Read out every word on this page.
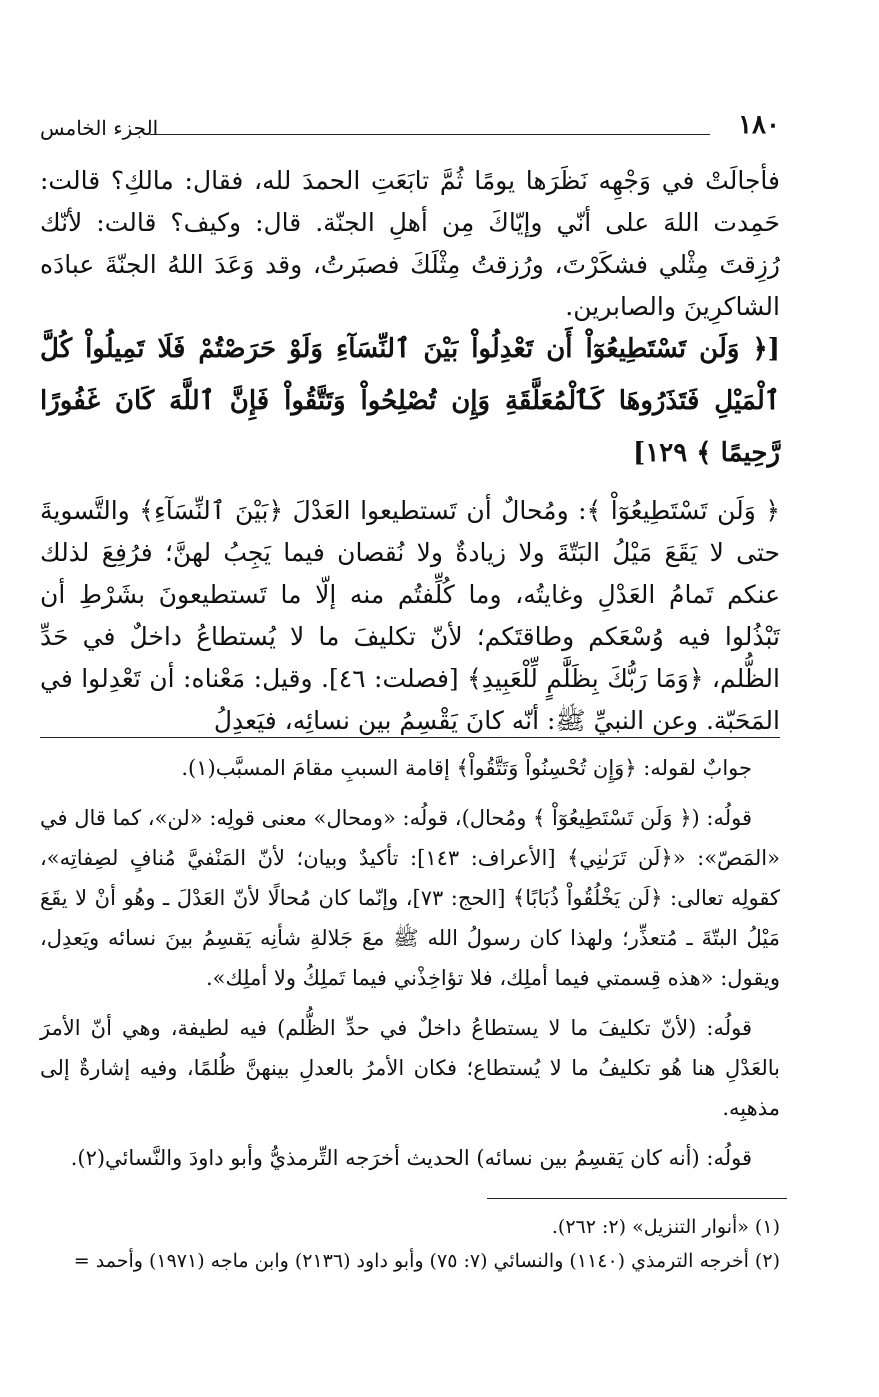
١٨٠
الجزء الخامس

فأجالَتْ في وَجْهِه نَظَرَها يومًا ثُمَّ تابَعَتِ الحمدَ لله، فقال: مالكِ؟ قالت: حَمِدت اللهَ على أنّي وإيّاكَ مِن أهلِ الجنّة. قال: وكيف؟ قالت: لأنّك رُزِقتَ مِثْلي فشكَرْتَ، ورُزقتُ مِثْلَكَ فصبَرتُ، وقد وَعَدَ اللهُ الجنّةَ عبادَه الشاكرِينَ والصابرين.

[﴿ وَلَن تَسْتَطِيعُوٓاْ أَن تَعْدِلُواْ بَيْنَ ٱلنِّسَآءِ وَلَوْ حَرَصْتُمْ فَلَا تَمِيلُواْ كُلَّ ٱلْمَيْلِ فَتَذَرُوهَا كَٱلْمُعَلَّقَةِ وَإِن تُصْلِحُواْ وَتَتَّقُواْ فَإِنَّ ٱللَّهَ كَانَ غَفُورًا رَّحِيمًا ﴾ ١٢٩]

﴿ وَلَن تَسْتَطِيعُوٓاْ ﴾: ومُحالٌ أن تَستطيعوا العَدْلَ ﴿بَيْنَ ٱلنِّسَآءِ﴾ والتَّسويةَ حتى لا يَقَعَ مَيْلُ البَتّةَ ولا زيادةٌ ولا نُقصان فيما يَجِبُ لهنَّ؛ فرُفِعَ لذلك عنكم تَمامُ العَدْلِ وغايتُه، وما كُلِّفتُم منه إلّا ما تَستطيعونَ بشَرْطِ أن تَبْذُلوا فيه وُسْعَكم وطاقتَكم؛ لأنّ تكليفَ ما لا يُستطاعُ داخلٌ في حَدِّ الظُّلم، ﴿وَمَا رَبُّكَ بِظَلَّٰمٍ لِّلْعَبِيدِ﴾ [فصلت: ٤٦]. وقيل: مَعْناه: أن تَعْدِلوا في المَحَبّة. وعن النبيِّ ﷺ: أنّه كانَ يَقْسِمُ بين نسائِه، فيَعدِلُ

جوابٌ لقوله: ﴿وَإِن تُحْسِنُواْ وَتَتَّقُواْ﴾ إقامة السببِ مقامَ المسبَّب(١).

قولُه: (﴿ وَلَن تَسْتَطِيعُوٓاْ ﴾ ومُحال)، قولُه: «ومحال» معنى قولِه: «لن»، كما قال في «المَصّ»: «﴿لَن تَرَىٰنِي﴾ [الأعراف: ١٤٣]: تأكيدٌ وبيان؛ لأنّ المَنْفيَّ مُنافٍ لصِفاتِه»، كقولِه تعالى: ﴿لَن يَخْلُقُواْ ذُبَابًا﴾ [الحج: ٧٣]، وإنّما كان مُحالًا لأنّ العَدْلَ ـ وهُو أنْ لا يقَعَ مَيْلُ البتّةَ ـ مُتعذِّر؛ ولهذا كان رسولُ الله ﷺ معَ جَلالةِ شأنِه يَقسِمُ بينَ نسائه ويَعدِل، ويقول: «هذه قِسمتي فيما أملِك، فلا تؤاخِذْني فيما تَملِكُ ولا أملِك».

قولُه: (لأنّ تكليفَ ما لا يستطاعُ داخلٌ في حدِّ الظُّلم) فيه لطيفة، وهي أنّ الأمرَ بالعَدْلِ هنا هُو تكليفُ ما لا يُستطاع؛ فكان الأمرُ بالعدلِ بينهنَّ ظُلمًا، وفيه إشارةٌ إلى مذهبِه.

قولُه: (أنه كان يَقسِمُ بين نسائه) الحديث أخرَجه التِّرمذيُّ وأبو داودَ والنَّسائي(٢).

(١) «أنوار التنزيل» (٢: ٢٦٢).

(٢) أخرجه الترمذي (١١٤٠) والنسائي (٧: ٧٥) وأبو داود (٢١٣٦) وابن ماجه (١٩٧١) وأحمد =
